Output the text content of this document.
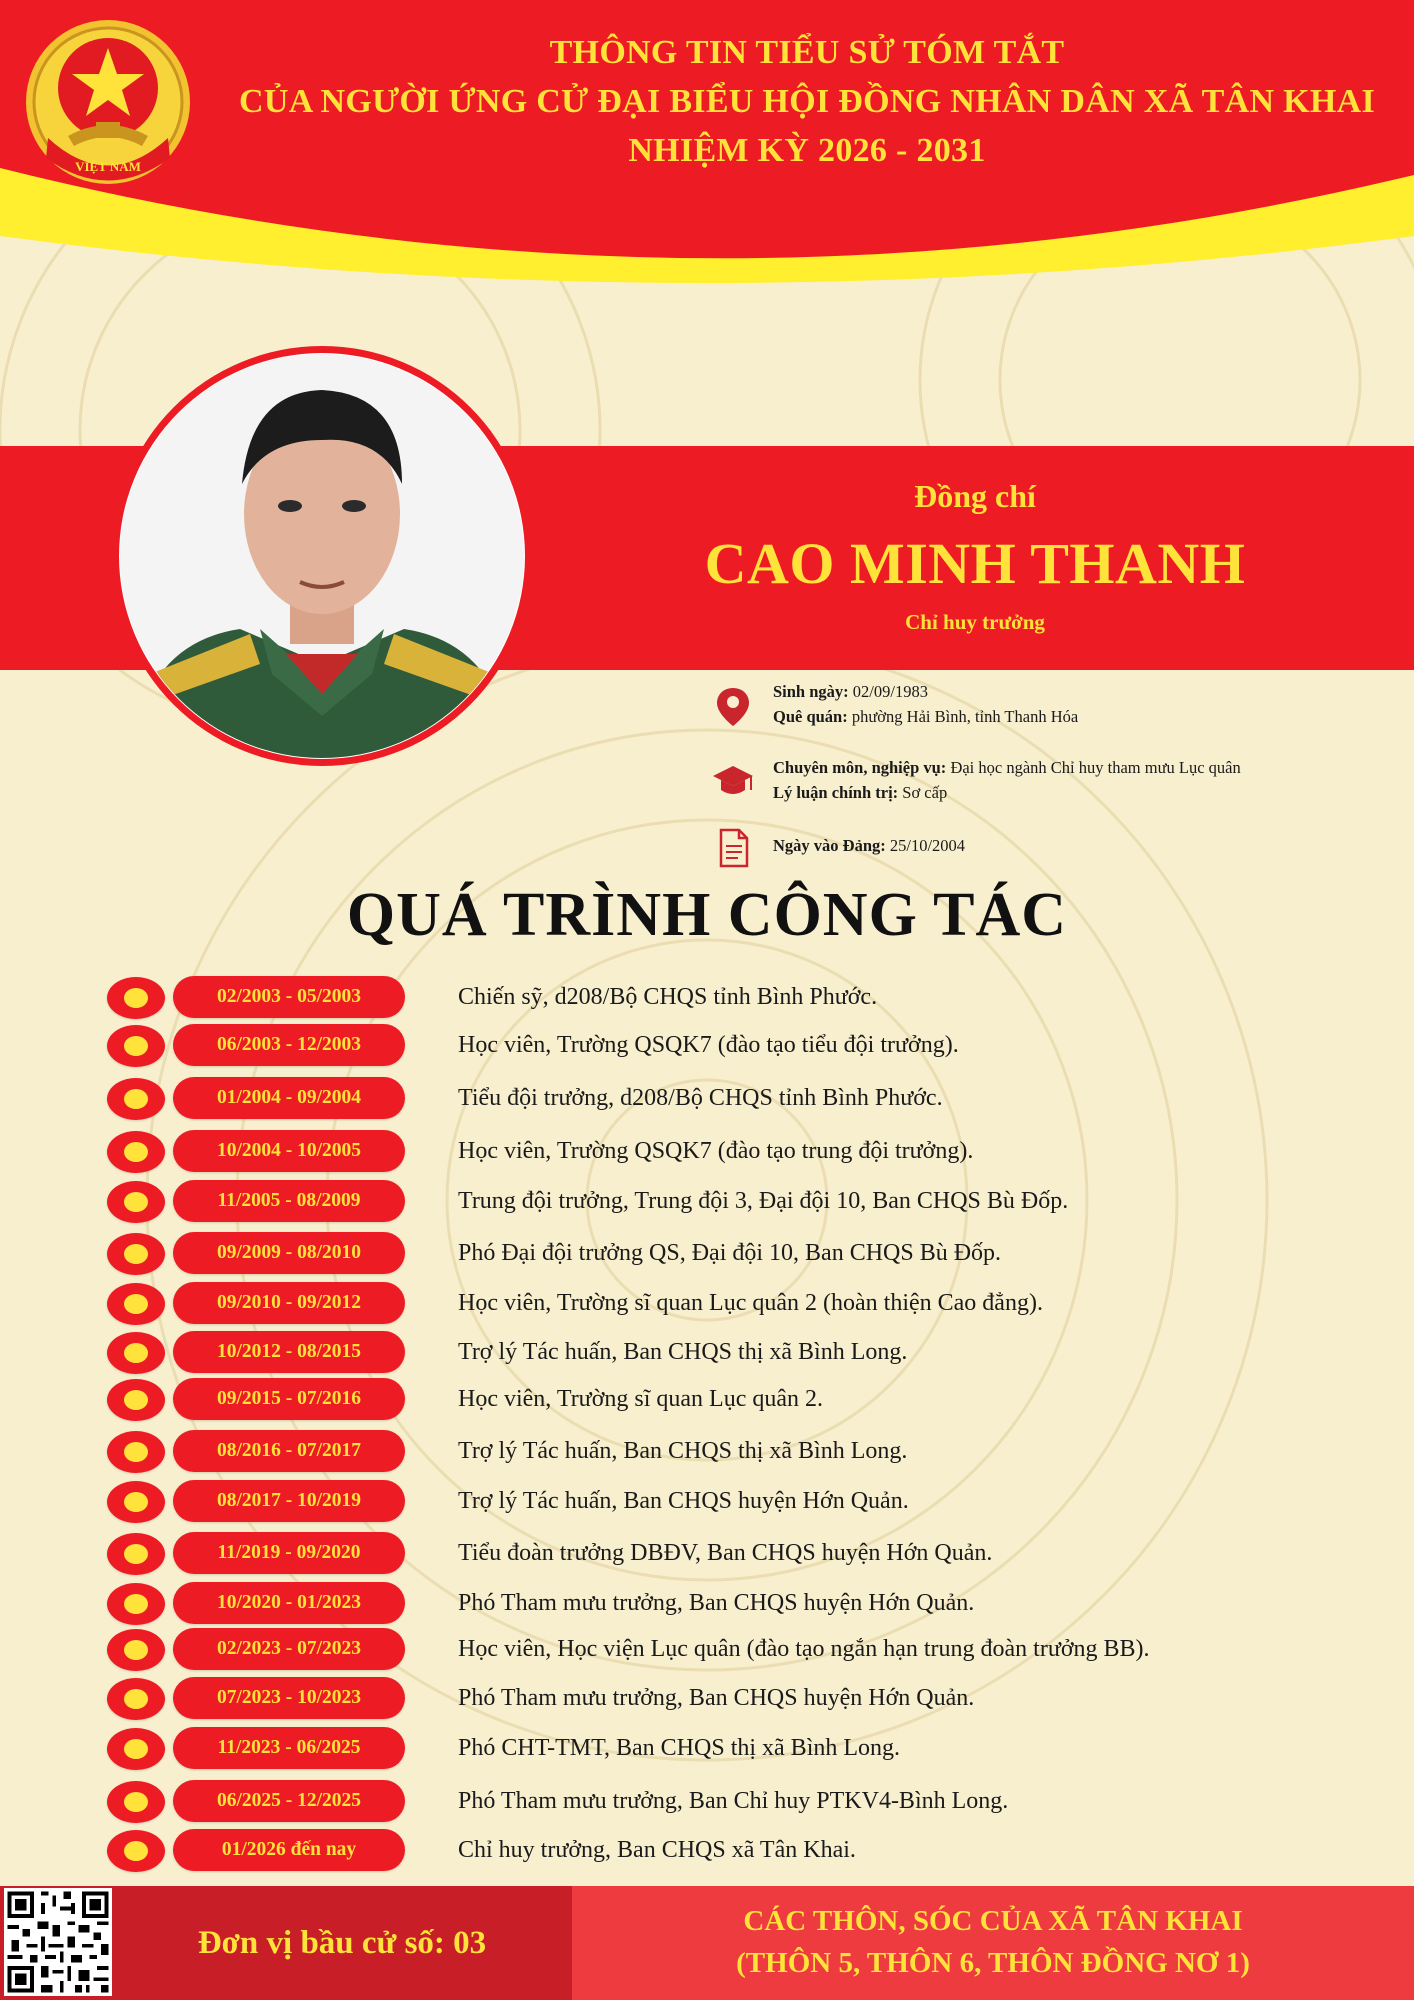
VIỆT NAM
THÔNG TIN TIỂU SỬ TÓM TẮT
CỦA NGƯỜI ỨNG CỬ ĐẠI BIỂU HỘI ĐỒNG NHÂN DÂN XÃ TÂN KHAI
NHIỆM KỲ 2026 - 2031
Đồng chí
CAO MINH THANH
Chỉ huy trưởng
Sinh ngày: 02/09/1983
Quê quán: phường Hải Bình, tỉnh Thanh Hóa
Chuyên môn, nghiệp vụ: Đại học ngành Chỉ huy tham mưu Lục quân
Lý luận chính trị: Sơ cấp
Ngày vào Đảng: 25/10/2004
QUÁ TRÌNH CÔNG TÁC
02/2003 - 05/2003	Chiến sỹ, d208/Bộ CHQS tỉnh Bình Phước.
06/2003 - 12/2003	Học viên, Trường QSQK7 (đào tạo tiểu đội trưởng).
01/2004 - 09/2004	Tiểu đội trưởng, d208/Bộ CHQS tỉnh Bình Phước.
10/2004 - 10/2005	Học viên, Trường QSQK7 (đào tạo trung đội trưởng).
11/2005 - 08/2009	Trung đội trưởng, Trung đội 3, Đại đội 10, Ban CHQS Bù Đốp.
09/2009 - 08/2010	Phó Đại đội trưởng QS, Đại đội 10, Ban CHQS Bù Đốp.
09/2010 - 09/2012	Học viên, Trường sĩ quan Lục quân 2 (hoàn thiện Cao đẳng).
10/2012 - 08/2015	Trợ lý Tác huấn, Ban CHQS thị xã Bình Long.
09/2015 - 07/2016	Học viên, Trường sĩ quan Lục quân 2.
08/2016 - 07/2017	Trợ lý Tác huấn, Ban CHQS thị xã Bình Long.
08/2017 - 10/2019	Trợ lý Tác huấn, Ban CHQS huyện Hớn Quản.
11/2019 - 09/2020	Tiểu đoàn trưởng DBĐV, Ban CHQS huyện Hớn Quản.
10/2020 - 01/2023	Phó Tham mưu trưởng, Ban CHQS huyện Hớn Quản.
02/2023 - 07/2023	Học viên, Học viện Lục quân (đào tạo ngắn hạn trung đoàn trưởng BB).
07/2023 - 10/2023	Phó Tham mưu trưởng, Ban CHQS huyện Hớn Quản.
11/2023 - 06/2025	Phó CHT-TMT, Ban CHQS thị xã Bình Long.
06/2025 - 12/2025	Phó Tham mưu trưởng, Ban Chỉ huy PTKV4-Bình Long.
01/2026 đến nay	Chỉ huy trưởng, Ban CHQS xã Tân Khai.
Đơn vị bầu cử số: 03
CÁC THÔN, SÓC CỦA XÃ TÂN KHAI
(THÔN 5, THÔN 6, THÔN ĐỒNG NƠ 1)
